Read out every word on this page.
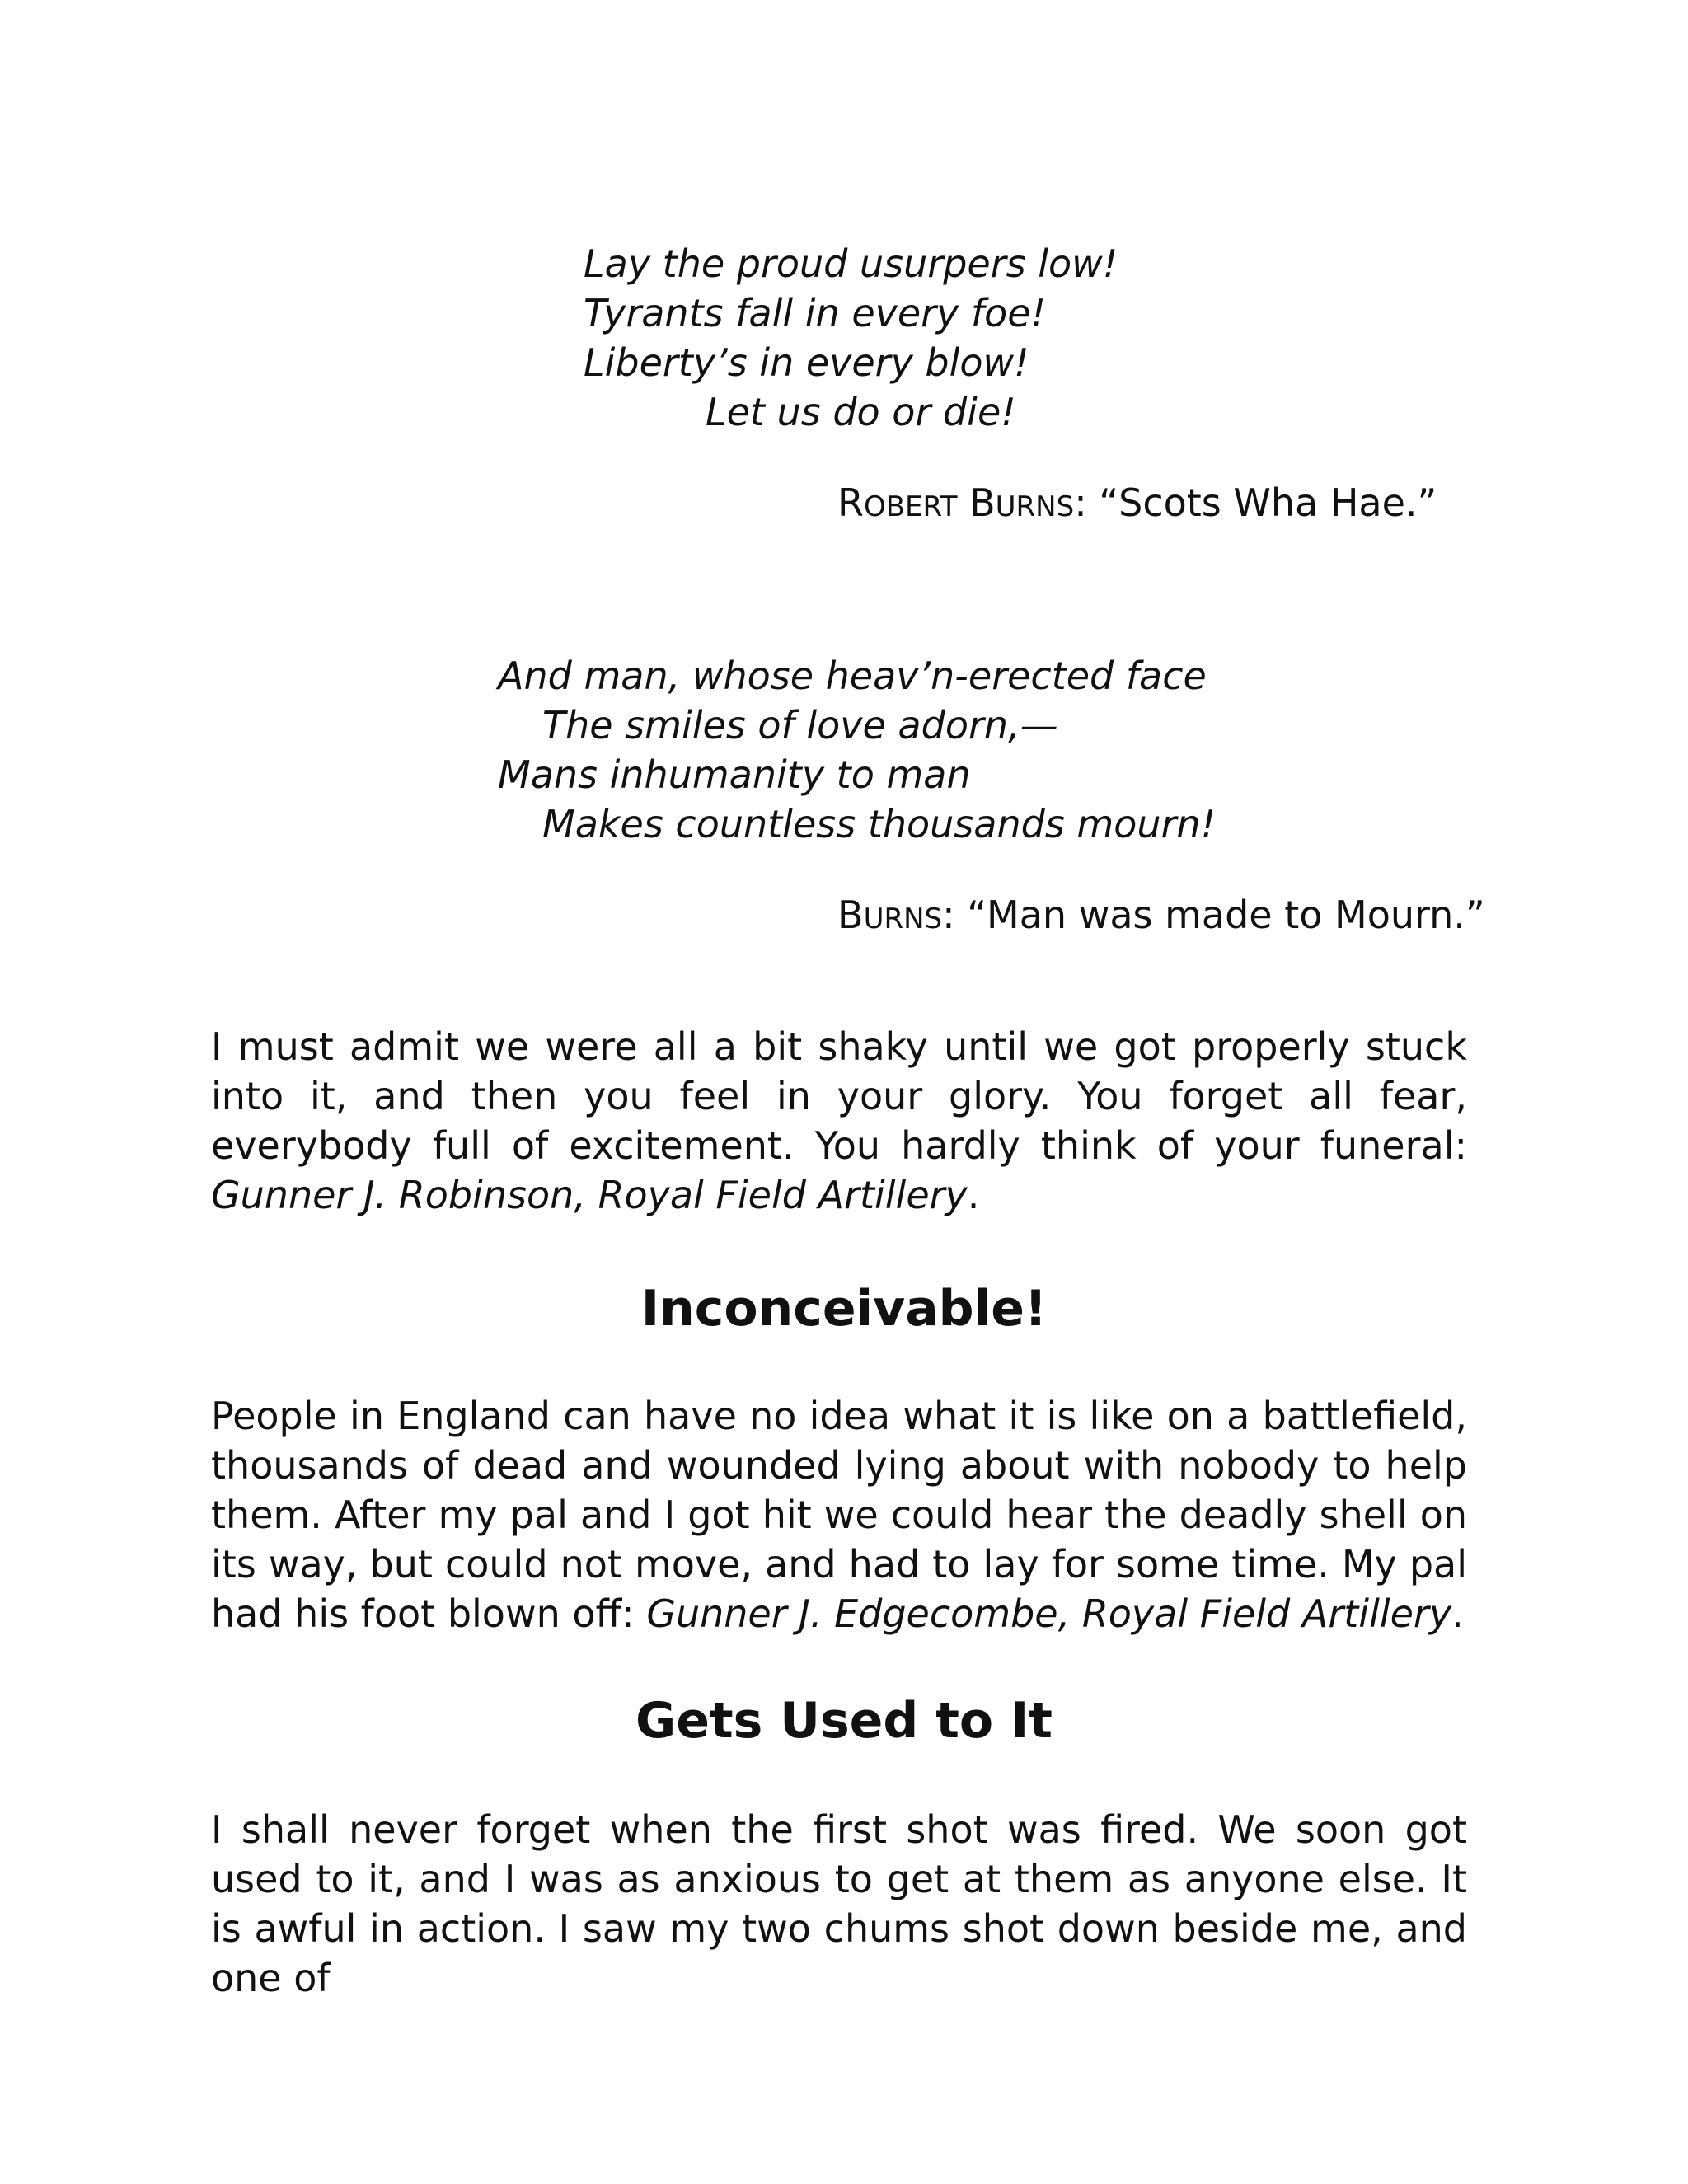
Lay the proud usurpers low!
Tyrants fall in every foe!
Liberty’s in every blow!
Let us do or die!
ROBERT BURNS: “Scots Wha Hae.”
And man, whose heav’n-erected face
The smiles of love adorn,—
Mans inhumanity to man
Makes countless thousands mourn!
BURNS: “Man was made to Mourn.”

I must admit we were all a bit shaky until we got properly stuck into it, and then you feel in your glory. You forget all fear, everybody full of excitement. You hardly think of your funeral: Gunner J. Robinson, Royal Field Artillery.

Inconceivable!

People in England can have no idea what it is like on a battlefield, thousands of dead and wounded lying about with nobody to help them. After my pal and I got hit we could hear the deadly shell on its way, but could not move, and had to lay for some time. My pal had his foot blown off: Gunner J. Edgecombe, Royal Field Artillery.

Gets Used to It

I shall never forget when the first shot was fired. We soon got used to it, and I was as anxious to get at them as anyone else. It is awful in action. I saw my two chums shot down beside me, and one of
